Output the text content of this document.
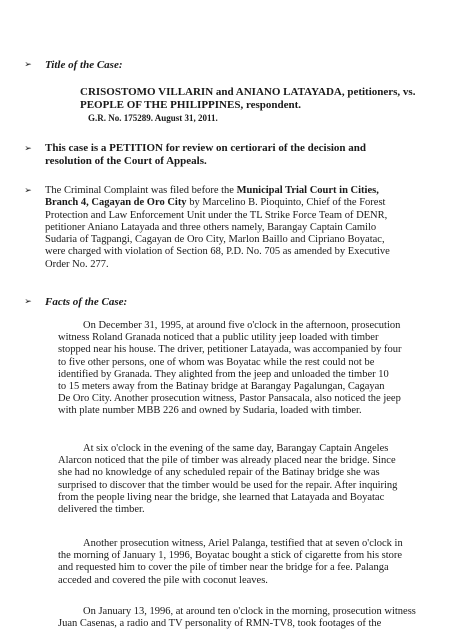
➢ Title of the Case:
CRISOSTOMO VILLARIN and ANIANO LATAYADA, petitioners, vs.
PEOPLE OF THE PHILIPPINES, respondent.
G.R. No. 175289. August 31, 2011.
➢ This case is a PETITION for review on certiorari of the decision and
resolution of the Court of Appeals.
➢ The Criminal Complaint was filed before the Municipal Trial Court in Cities,
Branch 4, Cagayan de Oro City by Marcelino B. Pioquinto, Chief of the Forest
Protection and Law Enforcement Unit under the TL Strike Force Team of DENR,
petitioner Aniano Latayada and three others namely, Barangay Captain Camilo
Sudaria of Tagpangi, Cagayan de Oro City, Marlon Baillo and Cipriano Boyatac,
were charged with violation of Section 68, P.D. No. 705 as amended by Executive
Order No. 277.
➢ Facts of the Case:
On December 31, 1995, at around five o'clock in the afternoon, prosecution
witness Roland Granada noticed that a public utility jeep loaded with timber
stopped near his house. The driver, petitioner Latayada, was accompanied by four
to five other persons, one of whom was Boyatac while the rest could not be
identified by Granada. They alighted from the jeep and unloaded the timber 10
to 15 meters away from the Batinay bridge at Barangay Pagalungan, Cagayan
De Oro City. Another prosecution witness, Pastor Pansacala, also noticed the jeep
with plate number MBB 226 and owned by Sudaria, loaded with timber.
At six o'clock in the evening of the same day, Barangay Captain Angeles
Alarcon noticed that the pile of timber was already placed near the bridge. Since
she had no knowledge of any scheduled repair of the Batinay bridge she was
surprised to discover that the timber would be used for the repair. After inquiring
from the people living near the bridge, she learned that Latayada and Boyatac
delivered the timber.
Another prosecution witness, Ariel Palanga, testified that at seven o'clock in
the morning of January 1, 1996, Boyatac bought a stick of cigarette from his store
and requested him to cover the pile of timber near the bridge for a fee. Palanga
acceded and covered the pile with coconut leaves.
On January 13, 1996, at around ten o'clock in the morning, prosecution witness
Juan Casenas, a radio and TV personality of RMN-TV8, took footages of the
